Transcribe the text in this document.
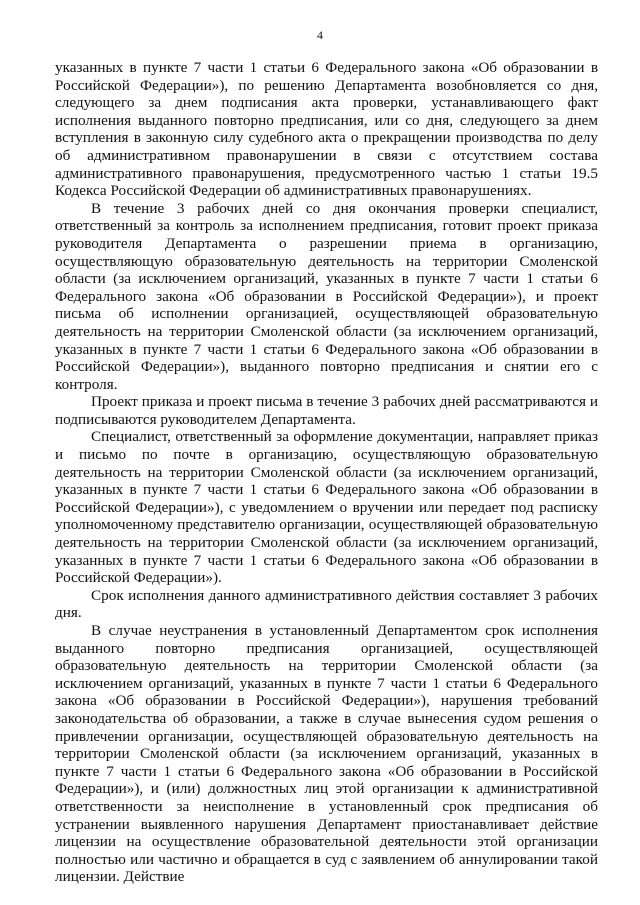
4

указанных в пункте 7 части 1 статьи 6 Федерального закона «Об образовании в Российской Федерации»), по решению Департамента возобновляется со дня, следующего за днем подписания акта проверки, устанавливающего факт исполнения выданного повторно предписания, или со дня, следующего за днем вступления в законную силу судебного акта о прекращении производства по делу об административном правонарушении в связи с отсутствием состава административного правонарушения, предусмотренного частью 1 статьи 19.5 Кодекса Российской Федерации об административных правонарушениях.

В течение 3 рабочих дней со дня окончания проверки специалист, ответственный за контроль за исполнением предписания, готовит проект приказа руководителя Департамента о разрешении приема в организацию, осуществляющую образовательную деятельность на территории Смоленской области (за исключением организаций, указанных в пункте 7 части 1 статьи 6 Федерального закона «Об образовании в Российской Федерации»), и проект письма об исполнении организацией, осуществляющей образовательную деятельность на территории Смоленской области (за исключением организаций, указанных в пункте 7 части 1 статьи 6 Федерального закона «Об образовании в Российской Федерации»), выданного повторно предписания и снятии его с контроля.

Проект приказа и проект письма в течение 3 рабочих дней рассматриваются и подписываются руководителем Департамента.

Специалист, ответственный за оформление документации, направляет приказ и письмо по почте в организацию, осуществляющую образовательную деятельность на территории Смоленской области (за исключением организаций, указанных в пункте 7 части 1 статьи 6 Федерального закона «Об образовании в Российской Федерации»), с уведомлением о вручении или передает под расписку уполномоченному представителю организации, осуществляющей образовательную деятельность на территории Смоленской области (за исключением организаций, указанных в пункте 7 части 1 статьи 6 Федерального закона «Об образовании в Российской Федерации»).

Срок исполнения данного административного действия составляет 3 рабочих дня.

В случае неустранения в установленный Департаментом срок исполнения выданного повторно предписания организацией, осуществляющей образовательную деятельность на территории Смоленской области (за исключением организаций, указанных в пункте 7 части 1 статьи 6 Федерального закона «Об образовании в Российской Федерации»), нарушения требований законодательства об образовании, а также в случае вынесения судом решения о привлечении организации, осуществляющей образовательную деятельность на территории Смоленской области (за исключением организаций, указанных в пункте 7 части 1 статьи 6 Федерального закона «Об образовании в Российской Федерации»), и (или) должностных лиц этой организации к административной ответственности за неисполнение в установленный срок предписания об устранении выявленного нарушения Департамент приостанавливает действие лицензии на осуществление образовательной деятельности этой организации полностью или частично и обращается в суд с заявлением об аннулировании такой лицензии. Действие
